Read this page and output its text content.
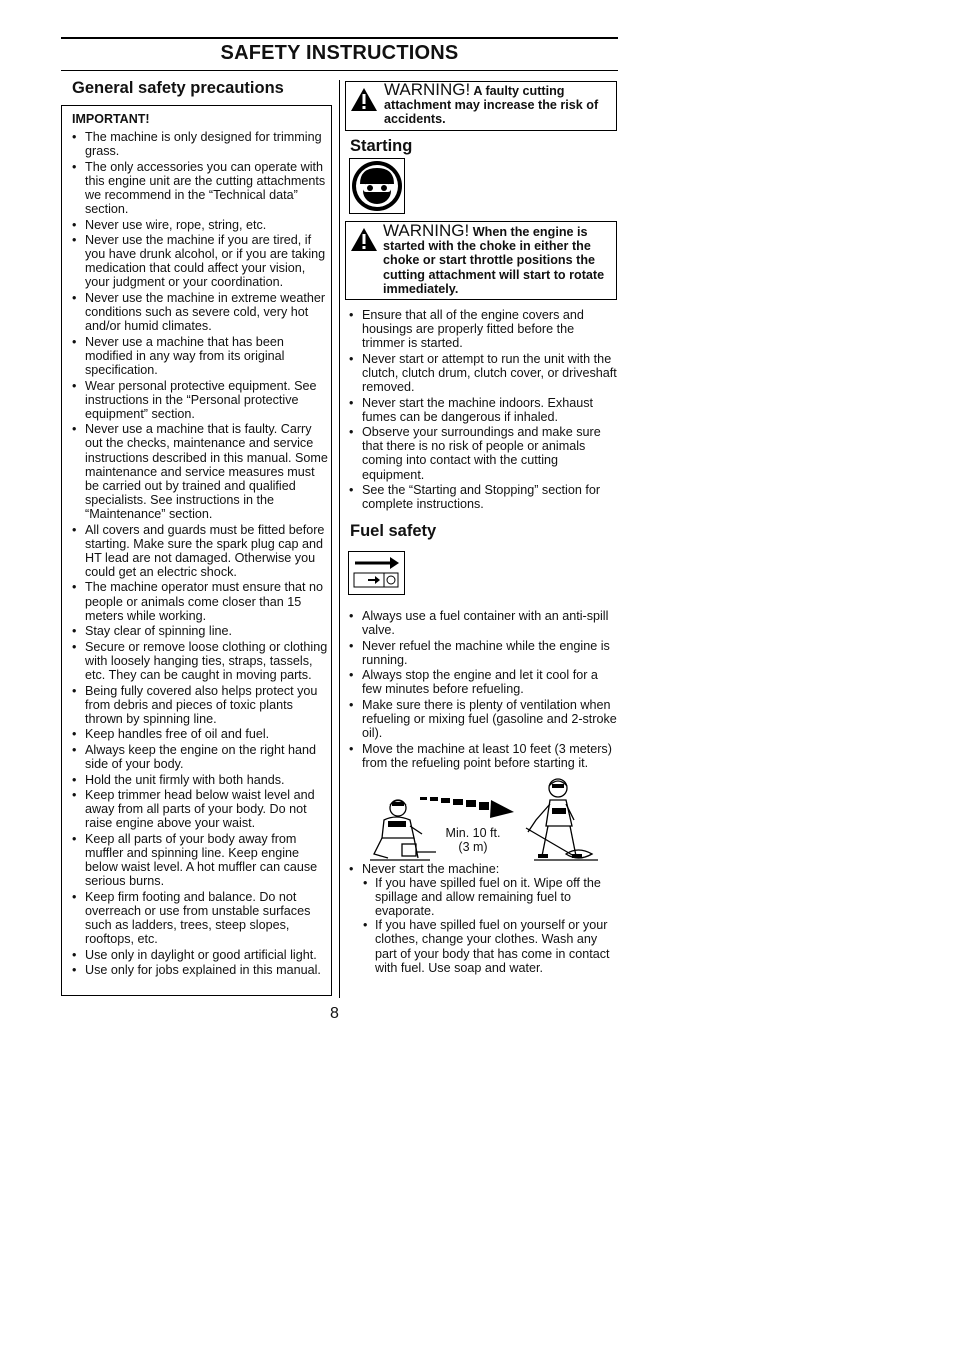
SAFETY INSTRUCTIONS
General safety precautions
IMPORTANT!
• The machine is only designed for trimming grass.
• The only accessories you can operate with this engine unit are the cutting attachments we recommend in the “Technical data” section.
• Never use wire, rope, string, etc.
• Never use the machine if you are tired, if you have drunk alcohol, or if you are taking medication that could affect your vision, your judgment or your coordination.
• Never use the machine in extreme weather conditions such as severe cold, very hot and/or humid climates.
• Never use a machine that has been modified in any way from its original specification.
• Wear personal protective equipment. See instructions in the “Personal protective equipment” section.
• Never use a machine that is faulty. Carry out the checks, maintenance and service instructions described in this manual. Some maintenance and service measures must be carried out by trained and qualified specialists. See instructions in the “Maintenance” section.
• All covers and guards must be fitted before starting. Make sure the spark plug cap and HT lead are not damaged. Otherwise you could get an electric shock.
• The machine operator must ensure that no people or animals come closer than 15 meters while working.
• Stay clear of spinning line.
• Secure or remove loose clothing or clothing with loosely hanging ties, straps, tassels, etc. They can be caught in moving parts.
• Being fully covered also helps protect you from debris and pieces of toxic plants thrown by spinning line.
• Keep handles free of oil and fuel.
• Always keep the engine on the right hand side of your body.
• Hold the unit firmly with both hands.
• Keep trimmer head below waist level and away from all parts of your body. Do not raise engine above your waist.
• Keep all parts of your body away from muffler and spinning line. Keep engine below waist level. A hot muffler can cause serious burns.
• Keep firm footing and balance. Do not overreach or use from unstable surfaces such as ladders, trees, steep slopes, rooftops, etc.
• Use only in daylight or good artificial light.
• Use only for jobs explained in this manual.
WARNING! A faulty cutting attachment may increase the risk of accidents.
Starting
WARNING! When the engine is started with the choke in either the choke or start throttle positions the cutting attachment will start to rotate immediately.
• Ensure that all of the engine covers and housings are properly fitted before the trimmer is started.
• Never start or attempt to run the unit with the clutch, clutch drum, clutch cover, or driveshaft removed.
• Never start the machine indoors. Exhaust fumes can be dangerous if inhaled.
• Observe your surroundings and make sure that there is no risk of people or animals coming into contact with the cutting equipment.
• See the “Starting and Stopping” section for complete instructions.
Fuel safety
• Always use a fuel container with an anti-spill valve.
• Never refuel the machine while the engine is running.
• Always stop the engine and let it cool for a few minutes before refueling.
• Make sure there is plenty of ventilation when refueling or mixing fuel (gasoline and 2-stroke oil).
• Move the machine at least 10 feet (3 meters) from the refueling point before starting it.
Min. 10 ft.
(3 m)
• Never start the machine:
• If you have spilled fuel on it. Wipe off the spillage and allow remaining fuel to evaporate.
• If you have spilled fuel on yourself or your clothes, change your clothes. Wash any part of your body that has come in contact with fuel. Use soap and water.
8
